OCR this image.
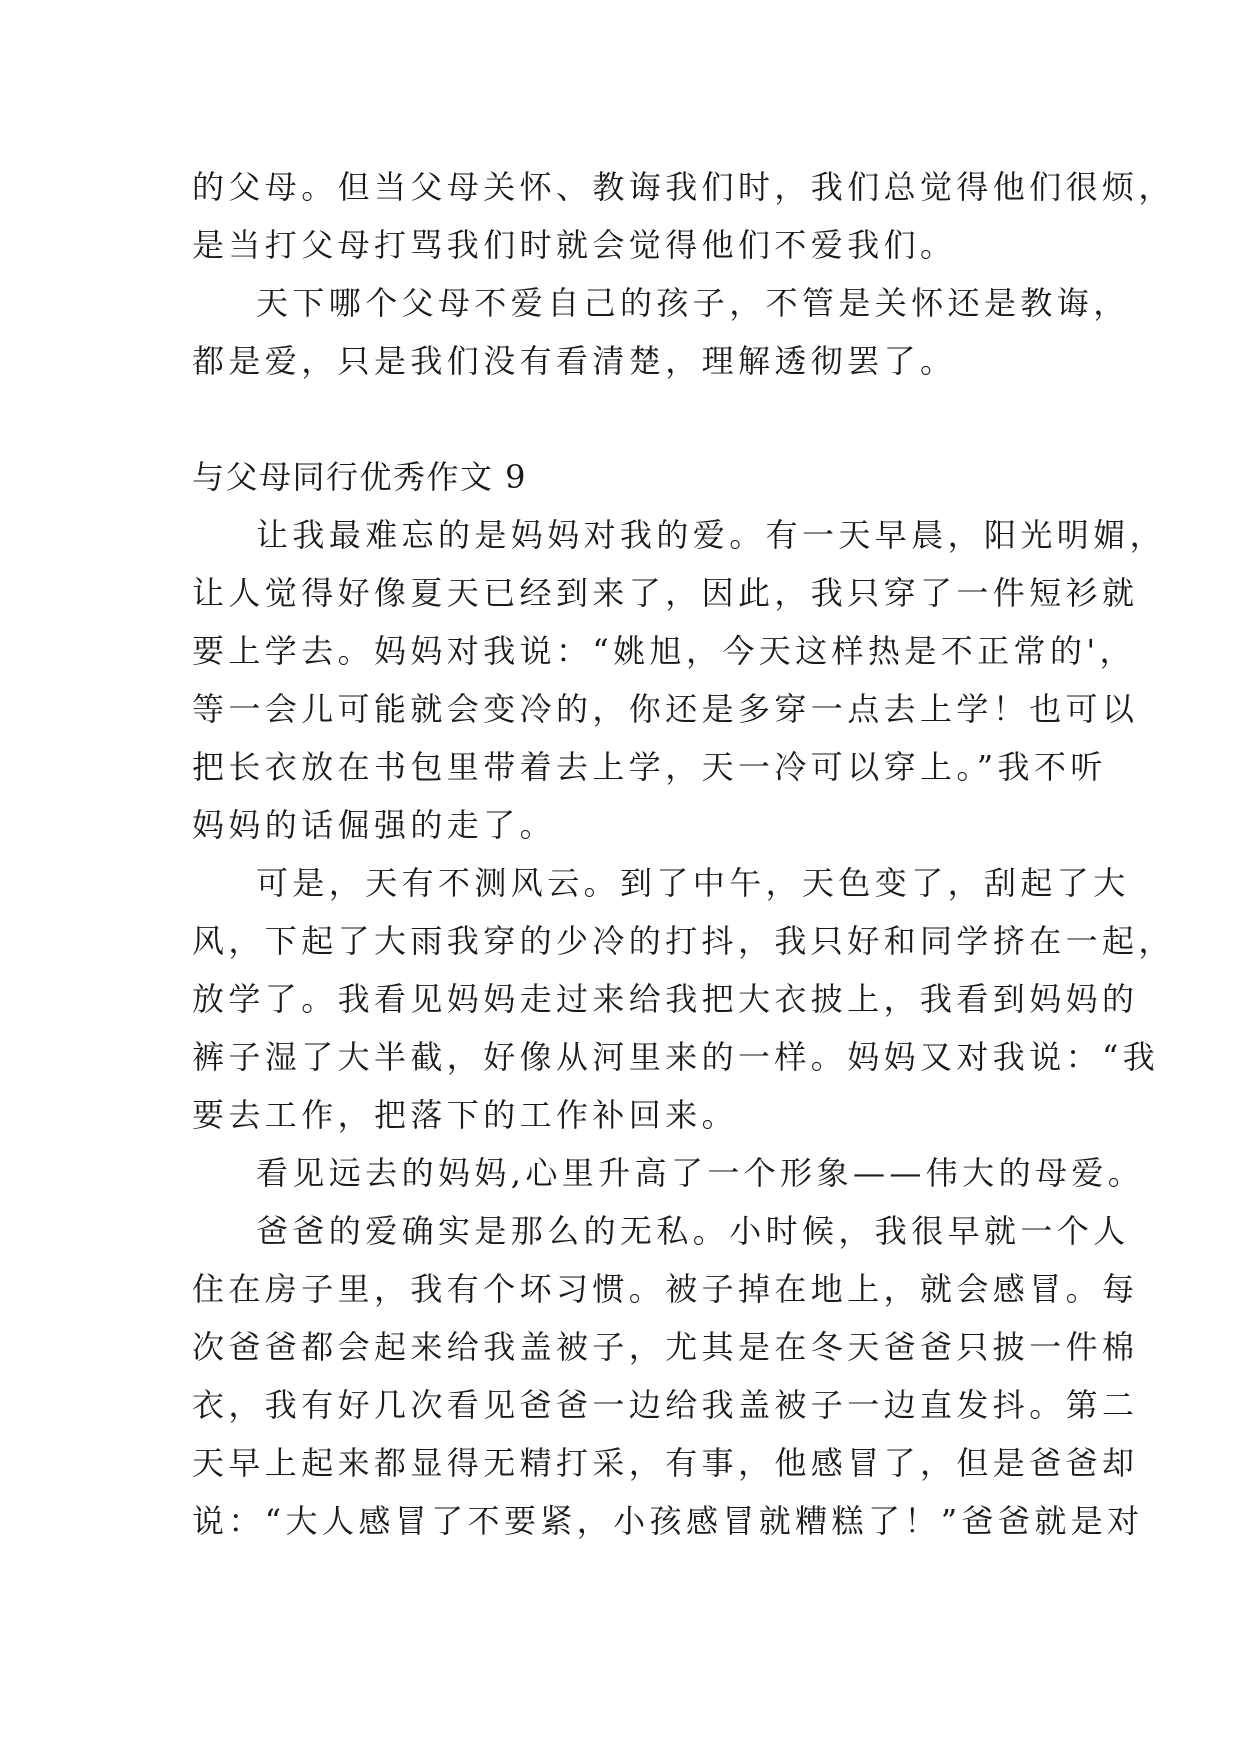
的父母。但当父母关怀、教诲我们时，我们总觉得他们很烦，
是当打父母打骂我们时就会觉得他们不爱我们。
天下哪个父母不爱自己的孩子，不管是关怀还是教诲，
都是爱，只是我们没有看清楚，理解透彻罢了。
与父母同行优秀作文 9
让我最难忘的是妈妈对我的爱。有一天早晨，阳光明媚，
让人觉得好像夏天已经到来了，因此，我只穿了一件短衫就
要上学去。妈妈对我说：“姚旭，今天这样热是不正常的'，
等一会儿可能就会变冷的，你还是多穿一点去上学！也可以
把长衣放在书包里带着去上学，天一冷可以穿上。”我不听
妈妈的话倔强的走了。
可是，天有不测风云。到了中午，天色变了，刮起了大
风，下起了大雨我穿的少冷的打抖，我只好和同学挤在一起，
放学了。我看见妈妈走过来给我把大衣披上，我看到妈妈的
裤子湿了大半截，好像从河里来的一样。妈妈又对我说：“我
要去工作，把落下的工作补回来。
看见远去的妈妈,心里升高了一个形象——伟大的母爱。
爸爸的爱确实是那么的无私。小时候，我很早就一个人
住在房子里，我有个坏习惯。被子掉在地上，就会感冒。每
次爸爸都会起来给我盖被子，尤其是在冬天爸爸只披一件棉
衣，我有好几次看见爸爸一边给我盖被子一边直发抖。第二
天早上起来都显得无精打采，有事，他感冒了，但是爸爸却
说：“大人感冒了不要紧，小孩感冒就糟糕了！”爸爸就是对
